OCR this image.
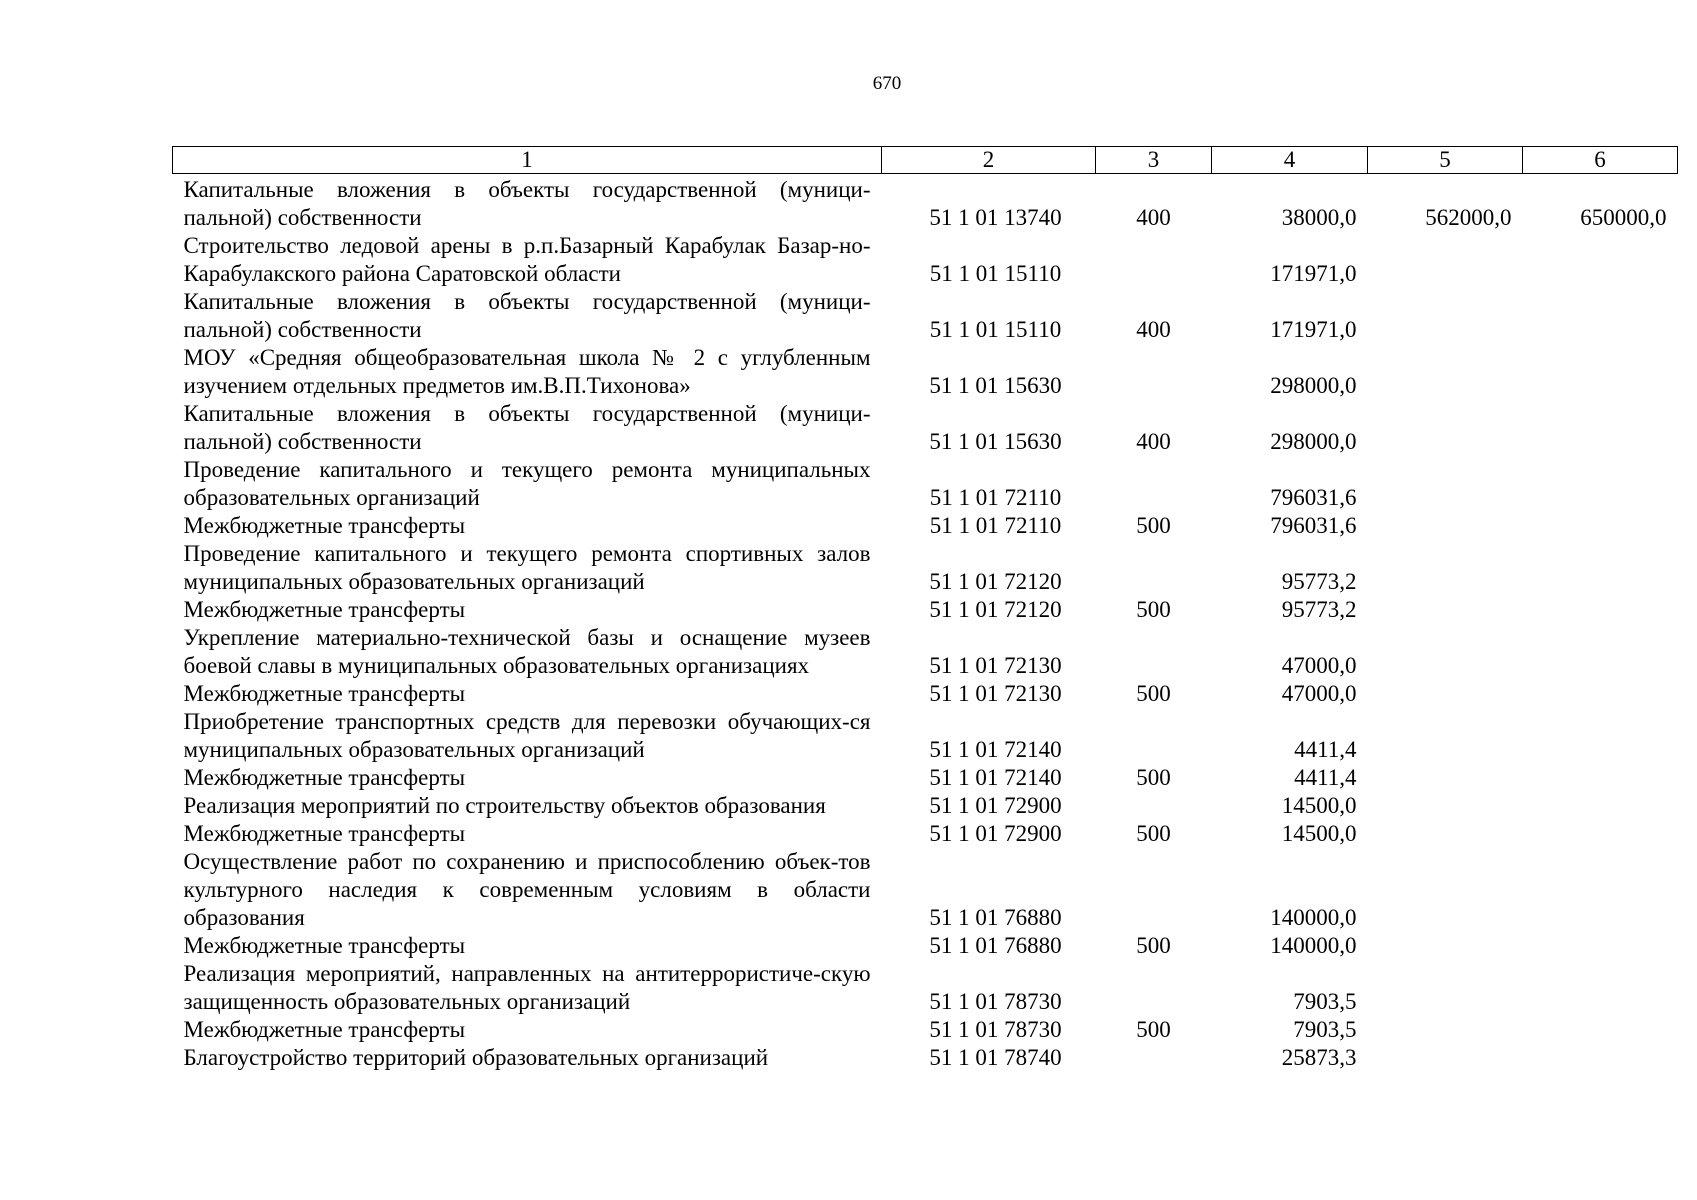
670
1	2	3	4	5	6
Капитальные вложения в объекты государственной (муници-пальной) собственности	51 1 01 13740	400	38000,0	562000,0	650000,0
Строительство ледовой арены в р.п.Базарный Карабулак Базар-но-Карабулакского района Саратовской области	51 1 01 15110		171971,0		
Капитальные вложения в объекты государственной (муници-пальной) собственности	51 1 01 15110	400	171971,0		
МОУ «Средняя общеобразовательная школа № 2 с углубленным изучением отдельных предметов им.В.П.Тихонова»	51 1 01 15630		298000,0		
Капитальные вложения в объекты государственной (муници-пальной) собственности	51 1 01 15630	400	298000,0		
Проведение капитального и текущего ремонта муниципальных образовательных организаций	51 1 01 72110		796031,6		
Межбюджетные трансферты	51 1 01 72110	500	796031,6		
Проведение капитального и текущего ремонта спортивных залов муниципальных образовательных организаций	51 1 01 72120		95773,2		
Межбюджетные трансферты	51 1 01 72120	500	95773,2		
Укрепление материально-технической базы и оснащение музеев боевой славы в муниципальных образовательных организациях	51 1 01 72130		47000,0		
Межбюджетные трансферты	51 1 01 72130	500	47000,0		
Приобретение транспортных средств для перевозки обучающих-ся муниципальных образовательных организаций	51 1 01 72140		4411,4		
Межбюджетные трансферты	51 1 01 72140	500	4411,4		
Реализация мероприятий по строительству объектов образования	51 1 01 72900		14500,0		
Межбюджетные трансферты	51 1 01 72900	500	14500,0		
Осуществление работ по сохранению и приспособлению объек-тов культурного наследия к современным условиям в области образования	51 1 01 76880		140000,0		
Межбюджетные трансферты	51 1 01 76880	500	140000,0		
Реализация мероприятий, направленных на антитеррористиче-скую защищенность образовательных организаций	51 1 01 78730		7903,5		
Межбюджетные трансферты	51 1 01 78730	500	7903,5		
Благоустройство территорий образовательных организаций	51 1 01 78740		25873,3		
